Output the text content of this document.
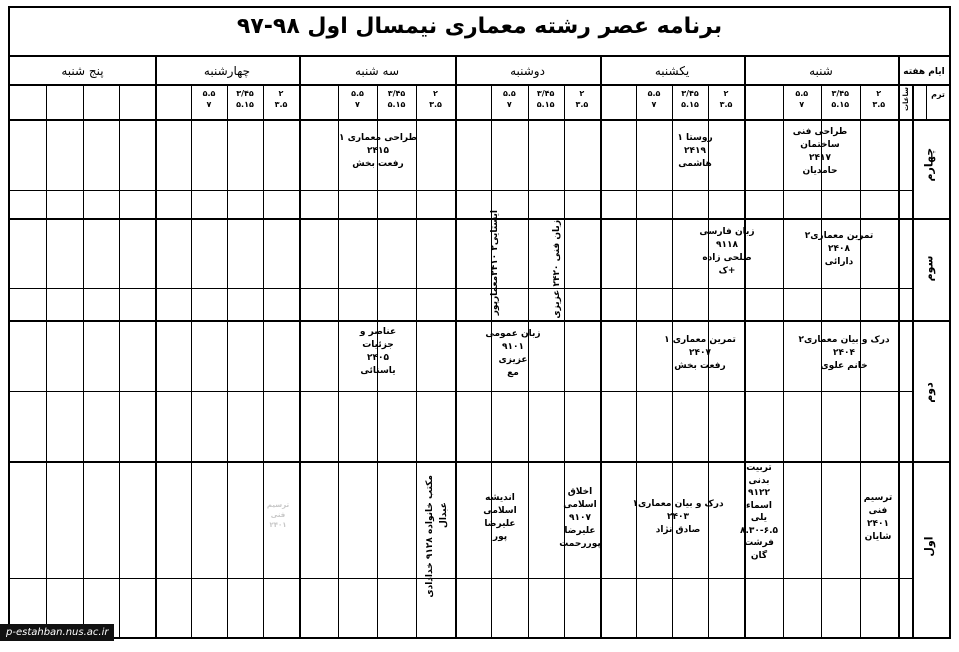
برنامه عصر رشته معماری نیمسال اول ۹۸-۹۷
شنبه
یکشنبه
دوشنبه
سه شنبه
چهارشنبه
پنج شنبه	ایام هفته
ترم
ساعات
۲
۳.۵
۳/۴۵
۵.۱۵
۵.۵
۷
۲
۳.۵
۳/۴۵
۵.۱۵
۵.۵
۷
۲
۳.۵
۳/۴۵
۵.۱۵
۵.۵
۷
۲
۳.۵
۳/۴۵
۵.۱۵
۵.۵
۷
۲
۳.۵
۳/۴۵
۵.۱۵
۵.۵
۷
چهارم
سوم
دوم
اول
طراحی فنی
ساختمان
۲۴۱۷
حامدیان
روستا ۱
۲۴۱۹
هاشمی
طراحی معماری ۱
۲۴۱۵
رفعت بخش
تمرین معماری۲
۲۴۰۸
دارائی
زبان فارسی
۹۱۱۸
صلحی زاده
+ک
زبان فنی ۲۴۲۰ عزیزی
ایستایی۲ ۲۴۱۰معمارپور
درک و بیان معماری۲
۲۴۰۴
خانم علوی
تمرین معماری ۱
۲۴۰۷
رفعت بخش
زبان عمومی
۹۱۰۱
عزیزی
مع
عناصر و
جزئیات
۲۴۰۵
یاسنائی
ترسیم
فنی
۲۴۰۱
شایان
تربیت
بدنی
۹۱۲۲
اسماء
یلی
۸.۳۰-۶.۵
فرشت
گان
درک و بیان معماری۱
۲۴۰۳
صادق نژاد
اخلاق
اسلامی
۹۱۰۷
علیرضا
پوررحمت
اندیشه
اسلامی
علیرضا
پور
مکتب خانواده ۹۱۲۸ خدادادی عبدال
ترسیم
فنی
۲۴۰۱
p-estahban.nus.ac.ir
